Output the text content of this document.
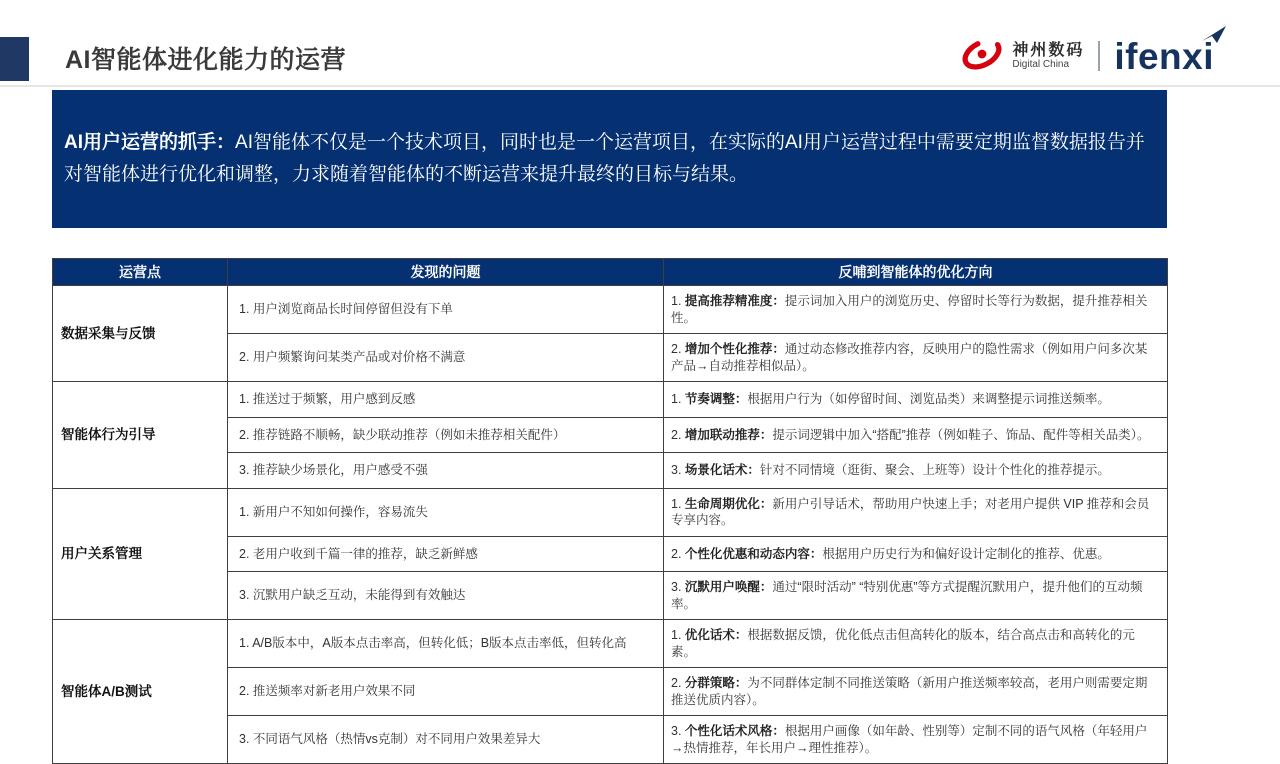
AI智能体进化能力的运营	神州数码
Digital China	ifenxi

AI用户运营的抓手：AI智能体不仅是一个技术项目，同时也是一个运营项目，在实际的AI用户运营过程中需要定期监督数据报告并对智能体进行优化和调整，力求随着智能体的不断运营来提升最终的目标与结果。

运营点	发现的问题	反哺到智能体的优化方向
数据采集与反馈	1. 用户浏览商品长时间停留但没有下单	1. 提高推荐精准度：提示词加入用户的浏览历史、停留时长等行为数据，提升推荐相关性。
	2. 用户频繁询问某类产品或对价格不满意	2. 增加个性化推荐：通过动态修改推荐内容，反映用户的隐性需求（例如用户问多次某产品→自动推荐相似品）。
智能体行为引导	1. 推送过于频繁，用户感到反感	1. 节奏调整：根据用户行为（如停留时间、浏览品类）来调整提示词推送频率。
	2. 推荐链路不顺畅，缺少联动推荐（例如未推荐相关配件）	2. 增加联动推荐：提示词逻辑中加入“搭配”推荐（例如鞋子、饰品、配件等相关品类）。
	3. 推荐缺少场景化，用户感受不强	3. 场景化话术：针对不同情境（逛街、聚会、上班等）设计个性化的推荐提示。
用户关系管理	1. 新用户不知如何操作，容易流失	1. 生命周期优化：新用户引导话术，帮助用户快速上手；对老用户提供 VIP 推荐和会员专享内容。
	2. 老用户收到千篇一律的推荐，缺乏新鲜感	2. 个性化优惠和动态内容：根据用户历史行为和偏好设计定制化的推荐、优惠。
	3. 沉默用户缺乏互动，未能得到有效触达	3. 沉默用户唤醒：通过“限时活动” “特别优惠”等方式提醒沉默用户，提升他们的互动频率。
智能体A/B测试	1. A/B版本中，A版本点击率高，但转化低；B版本点击率低，但转化高	1. 优化话术：根据数据反馈，优化低点击但高转化的版本，结合高点击和高转化的元素。
	2. 推送频率对新老用户效果不同	2. 分群策略：为不同群体定制不同推送策略（新用户推送频率较高，老用户则需要定期推送优质内容）。
	3. 不同语气风格（热情vs克制）对不同用户效果差异大	3. 个性化话术风格：根据用户画像（如年龄、性别等）定制不同的语气风格（年轻用户→热情推荐，年长用户→理性推荐）。
